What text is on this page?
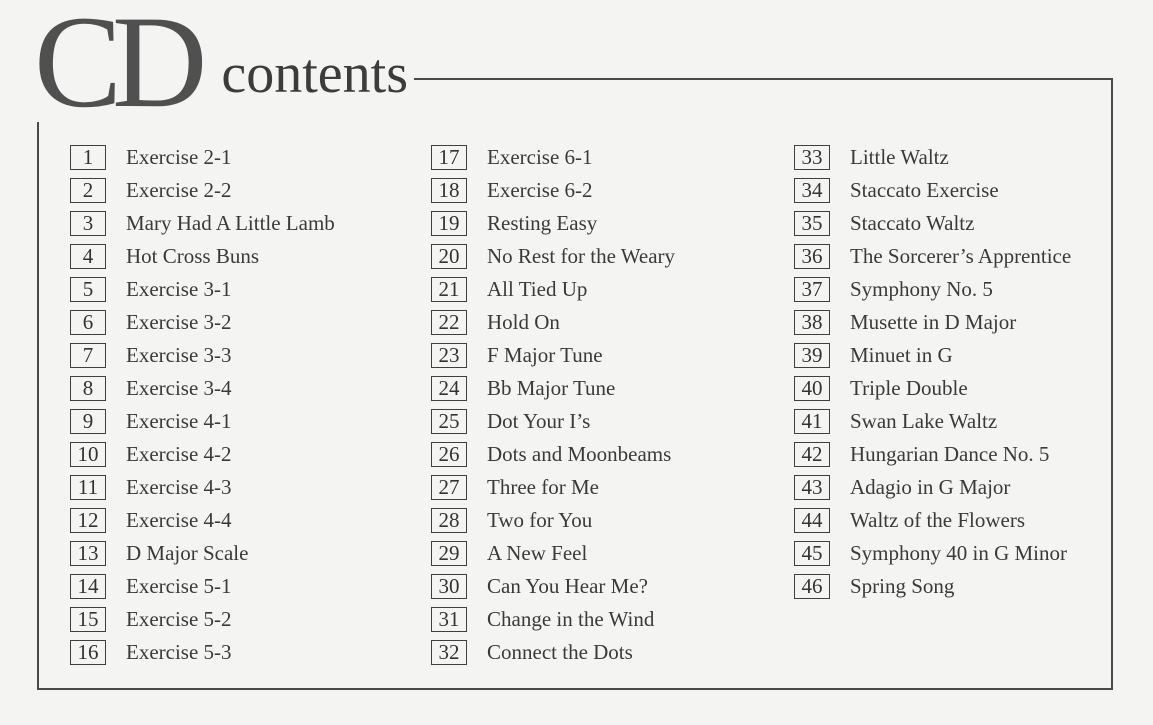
CD contents
1	Exercise 2-1
2	Exercise 2-2
3	Mary Had A Little Lamb
4	Hot Cross Buns
5	Exercise 3-1
6	Exercise 3-2
7	Exercise 3-3
8	Exercise 3-4
9	Exercise 4-1
10	Exercise 4-2
11	Exercise 4-3
12	Exercise 4-4
13	D Major Scale
14	Exercise 5-1
15	Exercise 5-2
16	Exercise 5-3
17	Exercise 6-1
18	Exercise 6-2
19	Resting Easy
20	No Rest for the Weary
21	All Tied Up
22	Hold On
23	F Major Tune
24	Bb Major Tune
25	Dot Your I’s
26	Dots and Moonbeams
27	Three for Me
28	Two for You
29	A New Feel
30	Can You Hear Me?
31	Change in the Wind
32	Connect the Dots
33	Little Waltz
34	Staccato Exercise
35	Staccato Waltz
36	The Sorcerer’s Apprentice
37	Symphony No. 5
38	Musette in D Major
39	Minuet in G
40	Triple Double
41	Swan Lake Waltz
42	Hungarian Dance No. 5
43	Adagio in G Major
44	Waltz of the Flowers
45	Symphony 40 in G Minor
46	Spring Song
